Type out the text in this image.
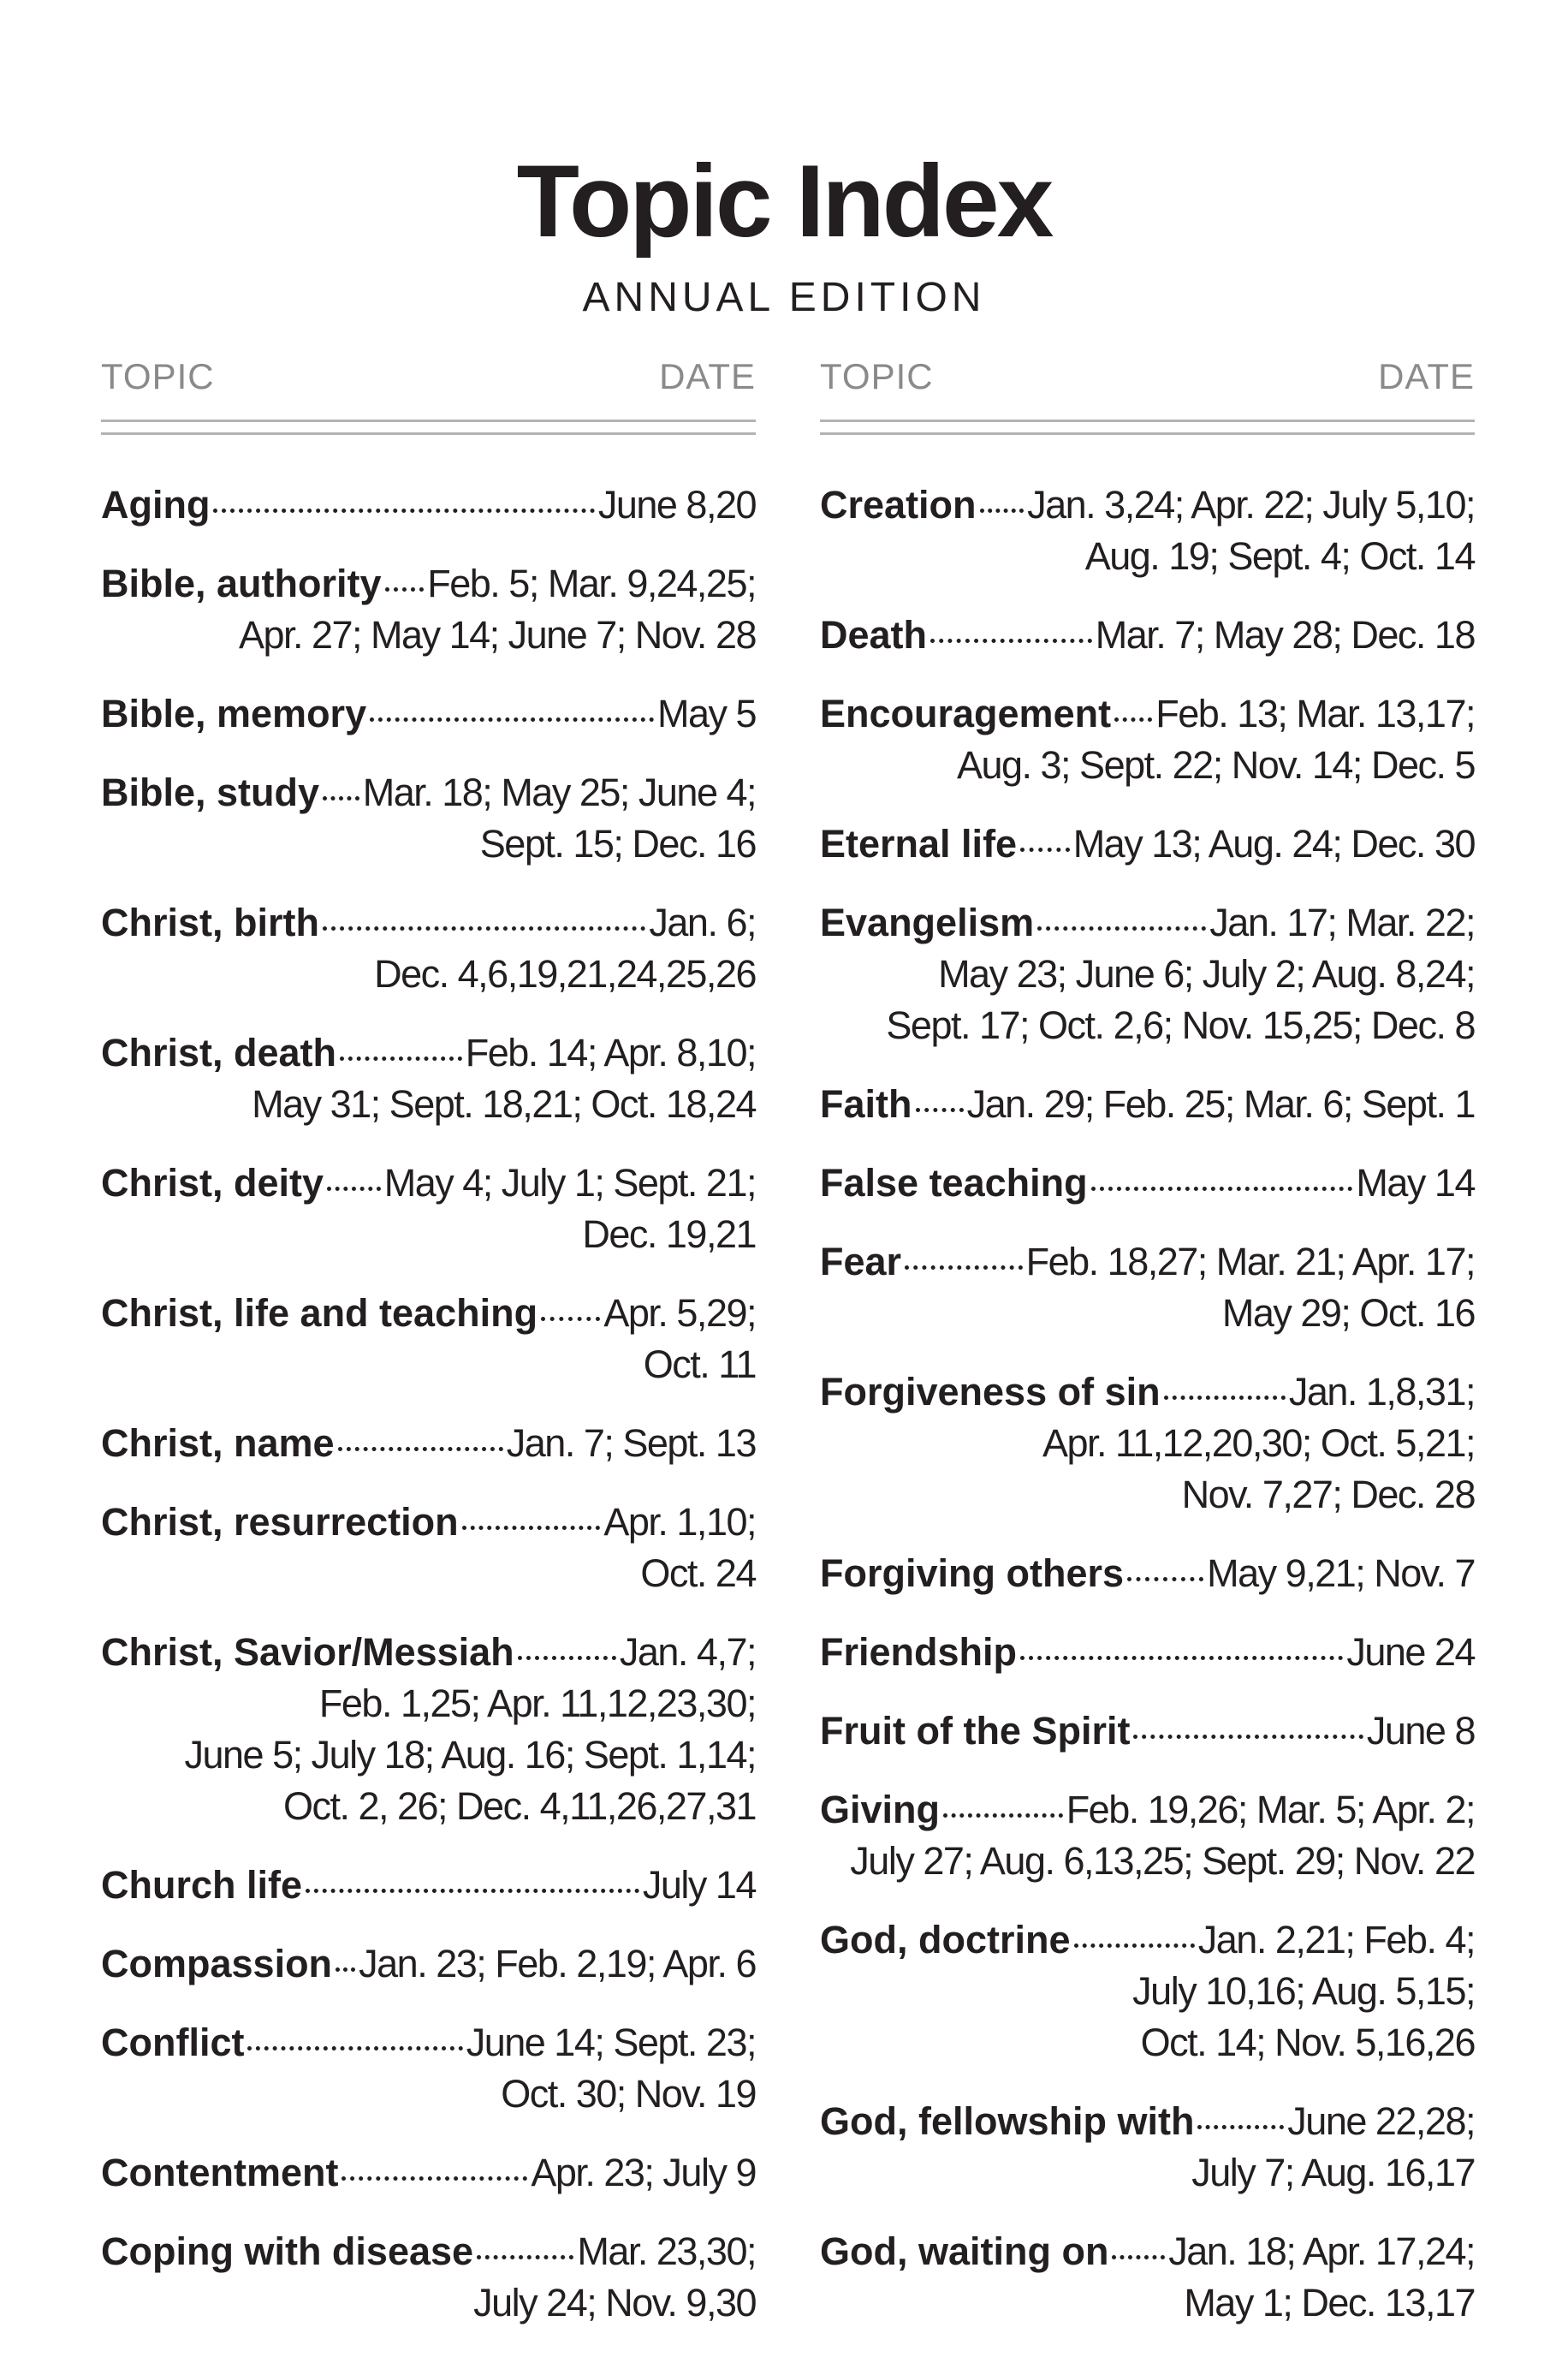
Topic Index
ANNUAL EDITION
TOPIC	DATE
Aging	June 8,20
Bible, authority Feb. 5; Mar. 9,24,25;
Apr. 27; May 14; June 7; Nov. 28
Bible, memory	May 5
Bible, study Mar. 18; May 25; June 4;
Sept. 15; Dec. 16
Christ, birth	Jan. 6;
Dec. 4,6,19,21,24,25,26
Christ, death	Feb. 14; Apr. 8,10;
May 31; Sept. 18,21; Oct. 18,24
Christ, deity May 4; July 1; Sept. 21;
Dec. 19,21
Christ, life and teaching Apr. 5,29;
Oct. 11
Christ, name	Jan. 7; Sept. 13
Christ, resurrection	Apr. 1,10;
Oct. 24
Christ, Savior/Messiah	Jan. 4,7;
Feb. 1,25; Apr. 11,12,23,30;
June 5; July 18; Aug. 16; Sept. 1,14;
Oct. 2, 26; Dec. 4,11,26,27,31
Church life	July 14
Compassion Jan. 23; Feb. 2,19; Apr. 6
Conflict	June 14; Sept. 23;
Oct. 30; Nov. 19
Contentment	Apr. 23; July 9
Coping with disease	Mar. 23,30;
July 24; Nov. 9,30
TOPIC	DATE
Creation Jan. 3,24; Apr. 22; July 5,10;
Aug. 19; Sept. 4; Oct. 14
Death	Mar. 7; May 28; Dec. 18
Encouragement Feb. 13; Mar. 13,17;
Aug. 3; Sept. 22; Nov. 14; Dec. 5
Eternal life May 13; Aug. 24; Dec. 30
Evangelism	Jan. 17; Mar. 22;
May 23; June 6; July 2; Aug. 8,24;
Sept. 17; Oct. 2,6; Nov. 15,25; Dec. 8
Faith Jan. 29; Feb. 25; Mar. 6; Sept. 1
False teaching	May 14
Fear	Feb. 18,27; Mar. 21; Apr. 17;
May 29; Oct. 16
Forgiveness of sin	Jan. 1,8,31;
Apr. 11,12,20,30; Oct. 5,21;
Nov. 7,27; Dec. 28
Forgiving others May 9,21; Nov. 7
Friendship	June 24
Fruit of the Spirit	June 8
Giving	Feb. 19,26; Mar. 5; Apr. 2;
July 27; Aug. 6,13,25; Sept. 29; Nov. 22
God, doctrine	Jan. 2,21; Feb. 4;
July 10,16; Aug. 5,15;
Oct. 14; Nov. 5,16,26
God, fellowship with June 22,28;
July 7; Aug. 16,17
God, waiting on Jan. 18; Apr. 17,24;
May 1; Dec. 13,17
